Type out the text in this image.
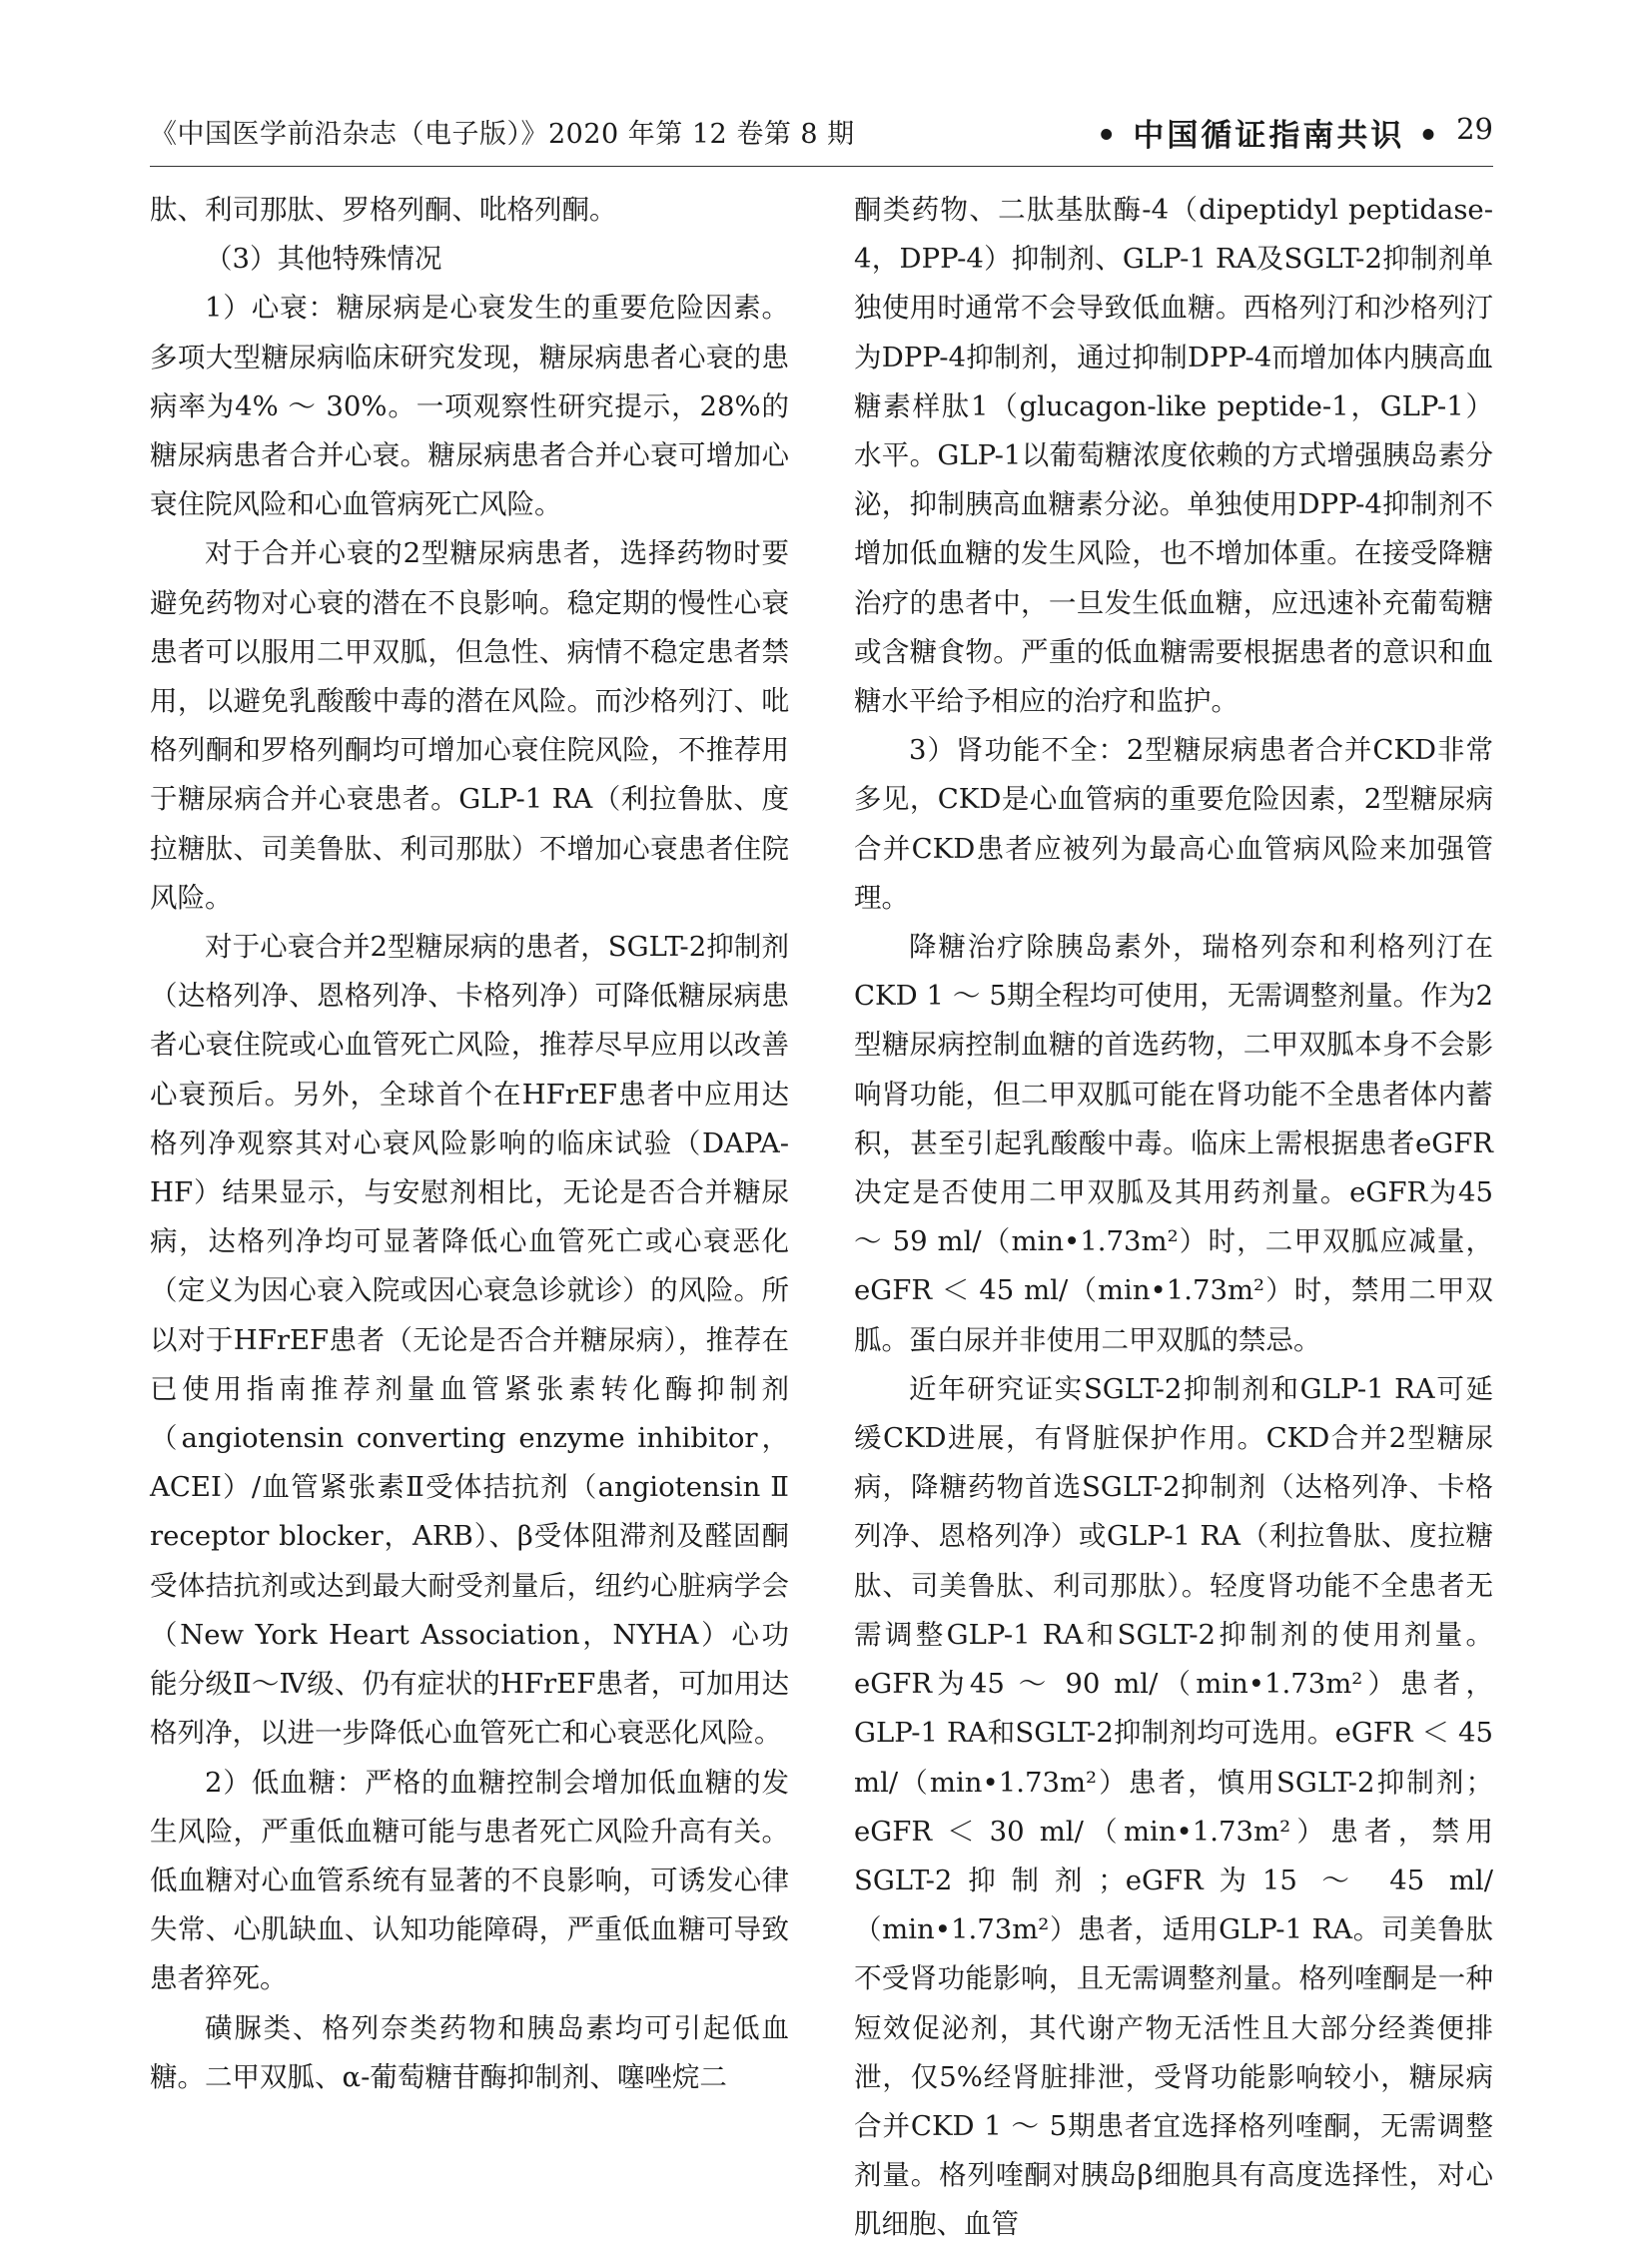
《中国医学前沿杂志（电子版）》2020 年第 12 卷第 8 期	• 中国循证指南共识 • 29

肽、利司那肽、罗格列酮、吡格列酮。

（3）其他特殊情况

1）心衰：糖尿病是心衰发生的重要危险因素。多项大型糖尿病临床研究发现，糖尿病患者心衰的患病率为4% ～ 30%。一项观察性研究提示，28%的糖尿病患者合并心衰。糖尿病患者合并心衰可增加心衰住院风险和心血管病死亡风险。

对于合并心衰的2型糖尿病患者，选择药物时要避免药物对心衰的潜在不良影响。稳定期的慢性心衰患者可以服用二甲双胍，但急性、病情不稳定患者禁用，以避免乳酸酸中毒的潜在风险。而沙格列汀、吡格列酮和罗格列酮均可增加心衰住院风险，不推荐用于糖尿病合并心衰患者。GLP-1 RA（利拉鲁肽、度拉糖肽、司美鲁肽、利司那肽）不增加心衰患者住院风险。

对于心衰合并2型糖尿病的患者，SGLT-2抑制剂（达格列净、恩格列净、卡格列净）可降低糖尿病患者心衰住院或心血管死亡风险，推荐尽早应用以改善心衰预后。另外，全球首个在HFrEF患者中应用达格列净观察其对心衰风险影响的临床试验（DAPA-HF）结果显示，与安慰剂相比，无论是否合并糖尿病，达格列净均可显著降低心血管死亡或心衰恶化（定义为因心衰入院或因心衰急诊就诊）的风险。所以对于HFrEF患者（无论是否合并糖尿病），推荐在已使用指南推荐剂量血管紧张素转化酶抑制剂（angiotensin converting enzyme inhibitor，ACEI）/血管紧张素Ⅱ受体拮抗剂（angiotensin Ⅱ receptor blocker，ARB）、β受体阻滞剂及醛固酮受体拮抗剂或达到最大耐受剂量后，纽约心脏病学会（New York Heart Association，NYHA）心功能分级Ⅱ～Ⅳ级、仍有症状的HFrEF患者，可加用达格列净，以进一步降低心血管死亡和心衰恶化风险。

2）低血糖：严格的血糖控制会增加低血糖的发生风险，严重低血糖可能与患者死亡风险升高有关。低血糖对心血管系统有显著的不良影响，可诱发心律失常、心肌缺血、认知功能障碍，严重低血糖可导致患者猝死。

磺脲类、格列奈类药物和胰岛素均可引起低血糖。二甲双胍、α-葡萄糖苷酶抑制剂、噻唑烷二

酮类药物、二肽基肽酶-4（dipeptidyl peptidase-4，DPP-4）抑制剂、GLP-1 RA及SGLT-2抑制剂单独使用时通常不会导致低血糖。西格列汀和沙格列汀为DPP-4抑制剂，通过抑制DPP-4而增加体内胰高血糖素样肽1（glucagon-like peptide-1，GLP-1）水平。GLP-1以葡萄糖浓度依赖的方式增强胰岛素分泌，抑制胰高血糖素分泌。单独使用DPP-4抑制剂不增加低血糖的发生风险，也不增加体重。在接受降糖治疗的患者中，一旦发生低血糖，应迅速补充葡萄糖或含糖食物。严重的低血糖需要根据患者的意识和血糖水平给予相应的治疗和监护。

3）肾功能不全：2型糖尿病患者合并CKD非常多见，CKD是心血管病的重要危险因素，2型糖尿病合并CKD患者应被列为最高心血管病风险来加强管理。

降糖治疗除胰岛素外，瑞格列奈和利格列汀在CKD 1 ～ 5期全程均可使用，无需调整剂量。作为2型糖尿病控制血糖的首选药物，二甲双胍本身不会影响肾功能，但二甲双胍可能在肾功能不全患者体内蓄积，甚至引起乳酸酸中毒。临床上需根据患者eGFR决定是否使用二甲双胍及其用药剂量。eGFR为45 ～ 59 ml/（min•1.73m²）时，二甲双胍应减量，eGFR ＜ 45 ml/（min•1.73m²）时，禁用二甲双胍。蛋白尿并非使用二甲双胍的禁忌。

近年研究证实SGLT-2抑制剂和GLP-1 RA可延缓CKD进展，有肾脏保护作用。CKD合并2型糖尿病，降糖药物首选SGLT-2抑制剂（达格列净、卡格列净、恩格列净）或GLP-1 RA（利拉鲁肽、度拉糖肽、司美鲁肽、利司那肽）。轻度肾功能不全患者无需调整GLP-1 RA和SGLT-2抑制剂的使用剂量。eGFR为45 ～ 90 ml/（min•1.73m²）患者，GLP-1 RA和SGLT-2抑制剂均可选用。eGFR ＜ 45 ml/（min•1.73m²）患者，慎用SGLT-2抑制剂；eGFR ＜ 30 ml/（min•1.73m²）患者，禁用SGLT-2抑制剂；eGFR为15 ～ 45 ml/（min•1.73m²）患者，适用GLP-1 RA。司美鲁肽不受肾功能影响，且无需调整剂量。格列喹酮是一种短效促泌剂，其代谢产物无活性且大部分经粪便排泄，仅5%经肾脏排泄，受肾功能影响较小，糖尿病合并CKD 1 ～ 5期患者宜选择格列喹酮，无需调整剂量。格列喹酮对胰岛β细胞具有高度选择性，对心肌细胞、血管
